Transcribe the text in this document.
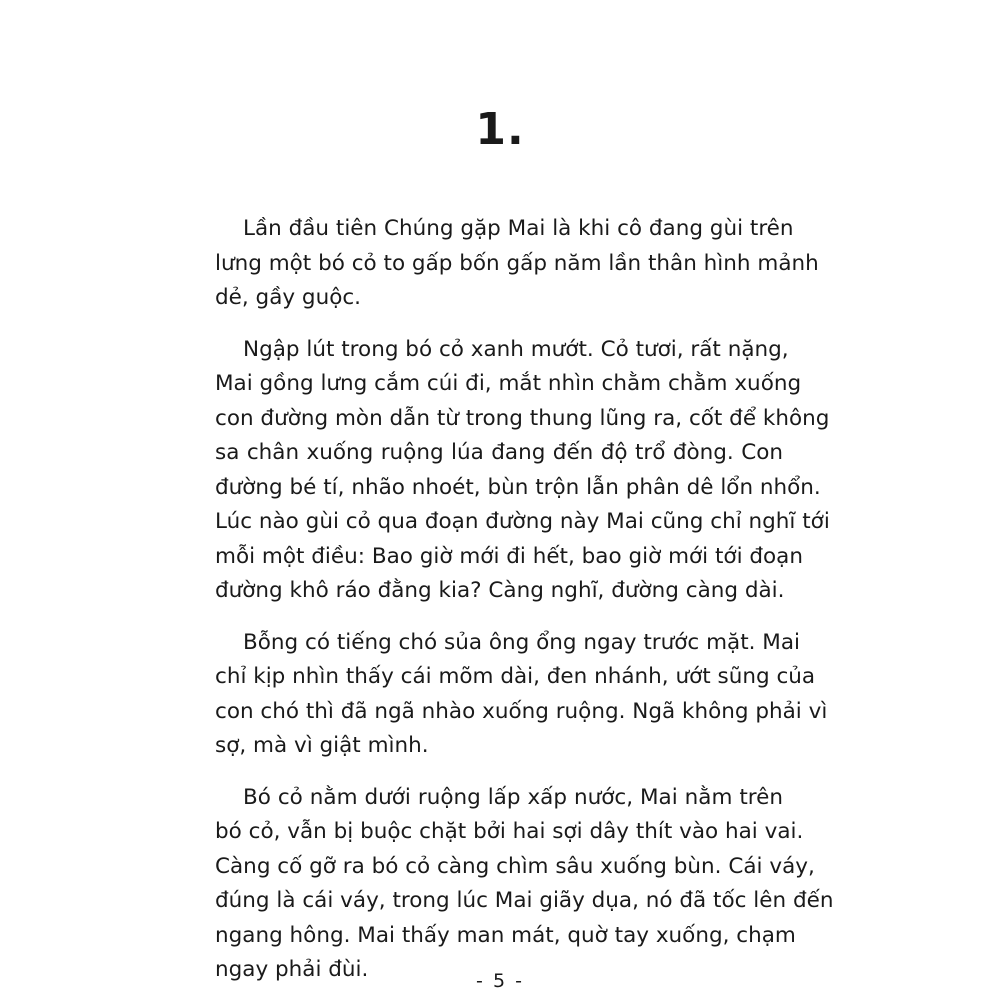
1.

Lần đầu tiên Chúng gặp Mai là khi cô đang gùi trên
lưng một bó cỏ to gấp bốn gấp năm lần thân hình mảnh
dẻ, gầy guộc.

Ngập lút trong bó cỏ xanh mướt. Cỏ tươi, rất nặng,
Mai gồng lưng cắm cúi đi, mắt nhìn chằm chằm xuống
con đường mòn dẫn từ trong thung lũng ra, cốt để không
sa chân xuống ruộng lúa đang đến độ trổ đòng. Con
đường bé tí, nhão nhoét, bùn trộn lẫn phân dê lổn nhổn.
Lúc nào gùi cỏ qua đoạn đường này Mai cũng chỉ nghĩ tới
mỗi một điều: Bao giờ mới đi hết, bao giờ mới tới đoạn
đường khô ráo đằng kia? Càng nghĩ, đường càng dài.

Bỗng có tiếng chó sủa ông ổng ngay trước mặt. Mai
chỉ kịp nhìn thấy cái mõm dài, đen nhánh, ướt sũng của
con chó thì đã ngã nhào xuống ruộng. Ngã không phải vì
sợ, mà vì giật mình.

Bó cỏ nằm dưới ruộng lấp xấp nước, Mai nằm trên
bó cỏ, vẫn bị buộc chặt bởi hai sợi dây thít vào hai vai.
Càng cố gỡ ra bó cỏ càng chìm sâu xuống bùn. Cái váy,
đúng là cái váy, trong lúc Mai giãy dụa, nó đã tốc lên đến
ngang hông. Mai thấy man mát, quờ tay xuống, chạm
ngay phải đùi.	- 5 -
